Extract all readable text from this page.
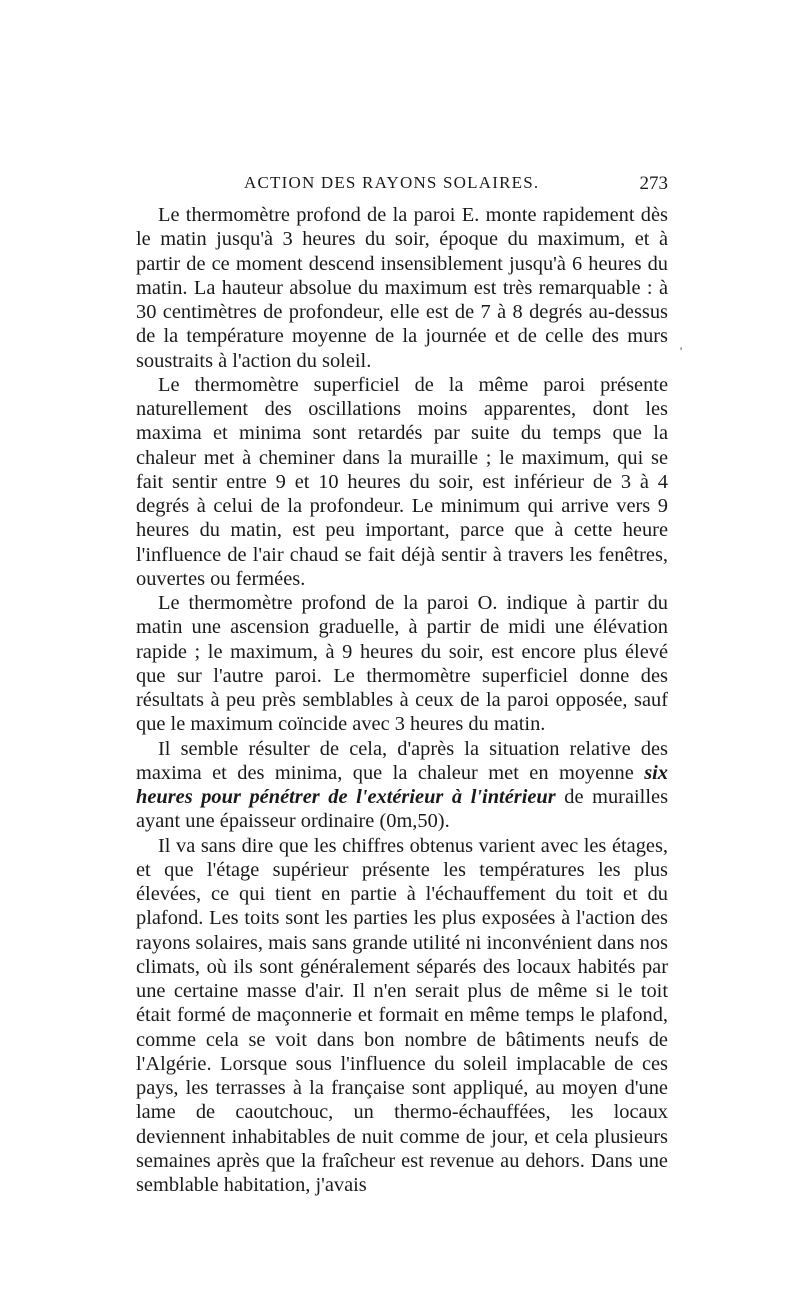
ACTION DES RAYONS SOLAIRES.	273

Le thermomètre profond de la paroi E. monte rapidement dès le matin jusqu'à 3 heures du soir, époque du maximum, et à partir de ce moment descend insensiblement jusqu'à 6 heures du matin. La hauteur absolue du maximum est très remarquable : à 30 centimètres de profondeur, elle est de 7 à 8 degrés au-dessus de la température moyenne de la journée et de celle des murs soustraits à l'action du soleil.

Le thermomètre superficiel de la même paroi présente naturellement des oscillations moins apparentes, dont les maxima et minima sont retardés par suite du temps que la chaleur met à cheminer dans la muraille ; le maximum, qui se fait sentir entre 9 et 10 heures du soir, est inférieur de 3 à 4 degrés à celui de la profondeur. Le minimum qui arrive vers 9 heures du matin, est peu important, parce que à cette heure l'influence de l'air chaud se fait déjà sentir à travers les fenêtres, ouvertes ou fermées.

Le thermomètre profond de la paroi O. indique à partir du matin une ascension graduelle, à partir de midi une élévation rapide ; le maximum, à 9 heures du soir, est encore plus élevé que sur l'autre paroi. Le thermomètre superficiel donne des résultats à peu près semblables à ceux de la paroi opposée, sauf que le maximum coïncide avec 3 heures du matin.

Il semble résulter de cela, d'après la situation relative des maxima et des minima, que la chaleur met en moyenne six heures pour pénétrer de l'extérieur à l'intérieur de murailles ayant une épaisseur ordinaire (0m,50).

Il va sans dire que les chiffres obtenus varient avec les étages, et que l'étage supérieur présente les températures les plus élevées, ce qui tient en partie à l'échauffement du toit et du plafond. Les toits sont les parties les plus exposées à l'action des rayons solaires, mais sans grande utilité ni inconvénient dans nos climats, où ils sont généralement séparés des locaux habités par une certaine masse d'air. Il n'en serait plus de même si le toit était formé de maçonnerie et formait en même temps le plafond, comme cela se voit dans bon nombre de bâtiments neufs de l'Algérie. Lorsque sous l'influence du soleil implacable de ces pays, les terrasses à la française sont appliqué, au moyen d'une lame de caoutchouc, un thermo-échauffées, les locaux deviennent inhabitables de nuit comme de jour, et cela plusieurs semaines après que la fraîcheur est revenue au dehors. Dans une semblable habitation, j'avais

'
